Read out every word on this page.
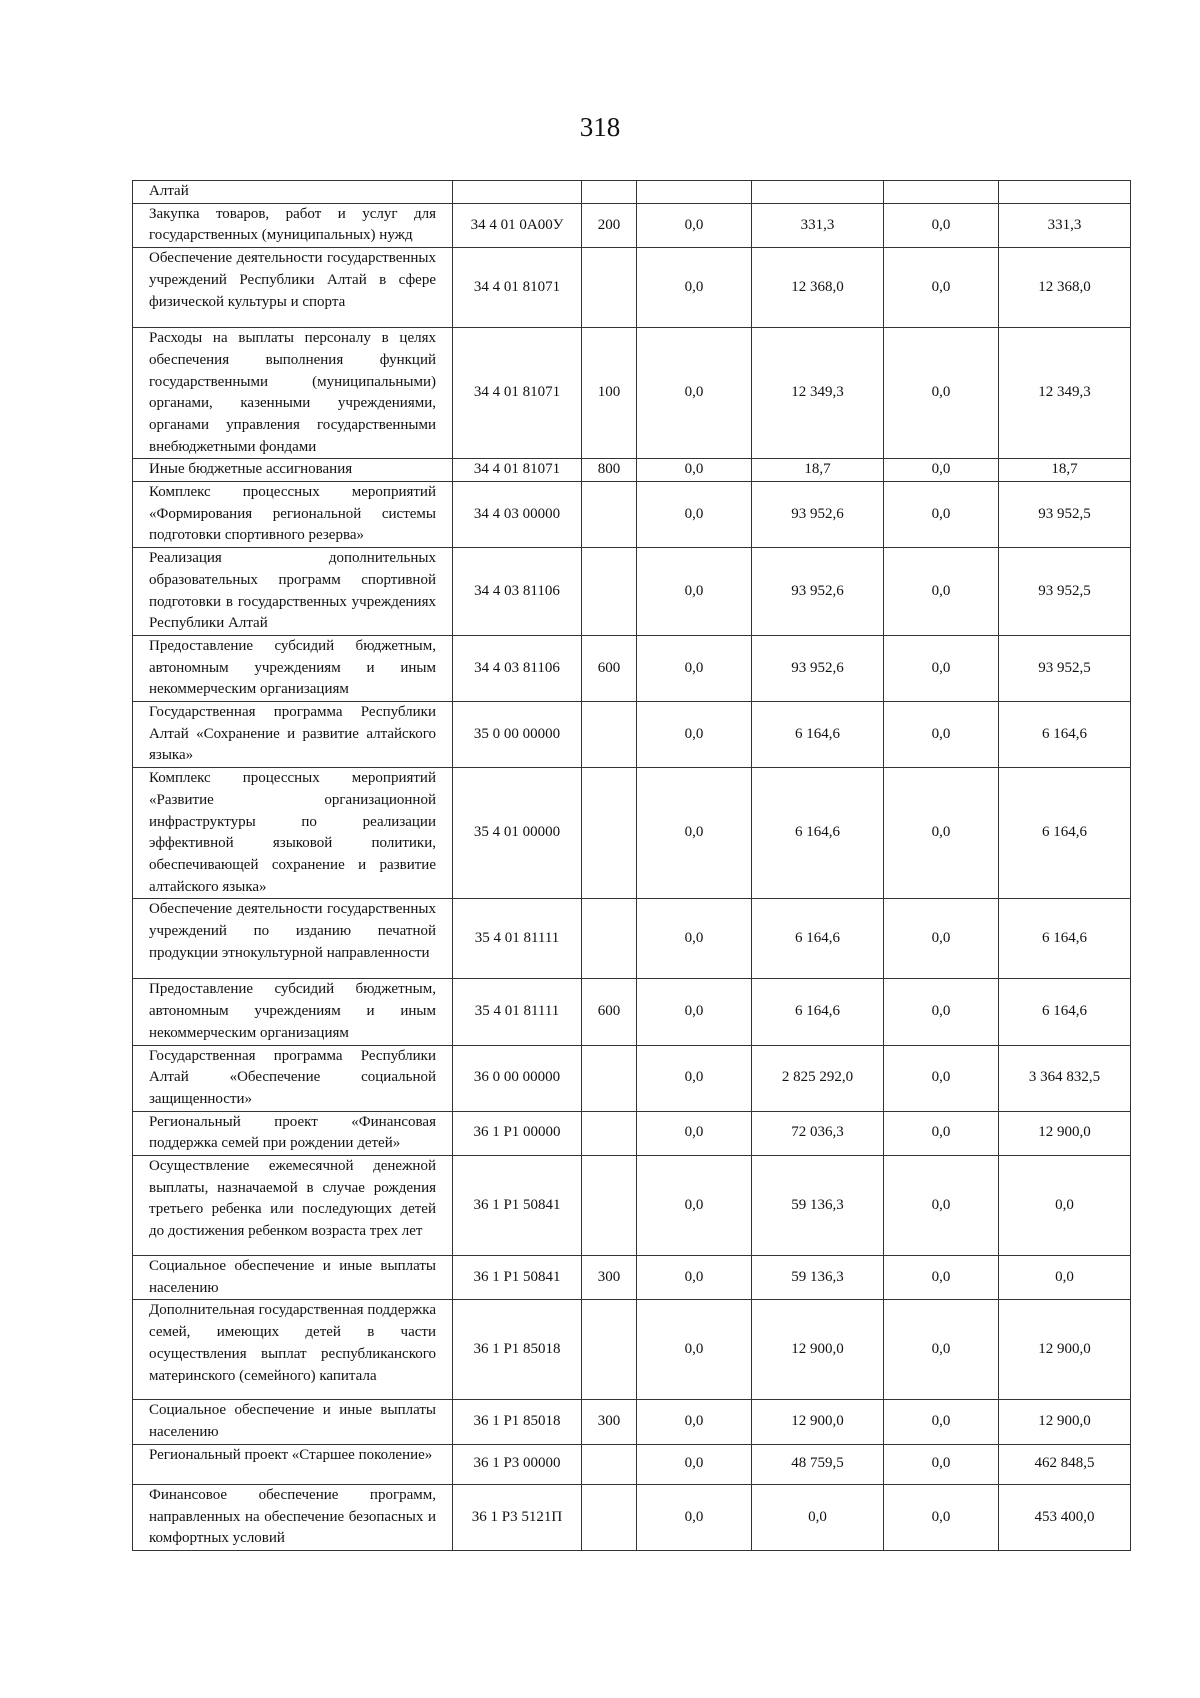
318
Алтай						
Закупка товаров, работ и услуг для государственных (муниципальных) нужд	34 4 01 0А00У	200	0,0	331,3	0,0	331,3
Обеспечение деятельности государственных учреждений Республики Алтай в сфере физической культуры и спорта	34 4 01 81071		0,0	12 368,0	0,0	12 368,0
Расходы на выплаты персоналу в целях обеспечения выполнения функций государственными (муниципальными) органами, казенными учреждениями, органами управления государственными внебюджетными фондами	34 4 01 81071	100	0,0	12 349,3	0,0	12 349,3
Иные бюджетные ассигнования	34 4 01 81071	800	0,0	18,7	0,0	18,7
Комплекс процессных мероприятий «Формирования региональной системы подготовки спортивного резерва»	34 4 03 00000		0,0	93 952,6	0,0	93 952,5
Реализация дополнительных образовательных программ спортивной подготовки в государственных учреждениях Республики Алтай	34 4 03 81106		0,0	93 952,6	0,0	93 952,5
Предоставление субсидий бюджетным, автономным учреждениям и иным некоммерческим организациям	34 4 03 81106	600	0,0	93 952,6	0,0	93 952,5
Государственная программа Республики Алтай «Сохранение и развитие алтайского языка»	35 0 00 00000		0,0	6 164,6	0,0	6 164,6
Комплекс процессных мероприятий «Развитие организационной инфраструктуры по реализации эффективной языковой политики, обеспечивающей сохранение и развитие алтайского языка»	35 4 01 00000		0,0	6 164,6	0,0	6 164,6
Обеспечение деятельности государственных учреждений по изданию печатной продукции этнокультурной направленности	35 4 01 81111		0,0	6 164,6	0,0	6 164,6
Предоставление субсидий бюджетным, автономным учреждениям и иным некоммерческим организациям	35 4 01 81111	600	0,0	6 164,6	0,0	6 164,6
Государственная программа Республики Алтай «Обеспечение социальной защищенности»	36 0 00 00000		0,0	2 825 292,0	0,0	3 364 832,5
Региональный проект «Финансовая поддержка семей при рождении детей»	36 1 P1 00000		0,0	72 036,3	0,0	12 900,0
Осуществление ежемесячной денежной выплаты, назначаемой в случае рождения третьего ребенка или последующих детей до достижения ребенком возраста трех лет	36 1 P1 50841		0,0	59 136,3	0,0	0,0
Социальное обеспечение и иные выплаты населению	36 1 P1 50841	300	0,0	59 136,3	0,0	0,0
Дополнительная государственная поддержка семей, имеющих детей в части осуществления выплат республиканского материнского (семейного) капитала	36 1 P1 85018		0,0	12 900,0	0,0	12 900,0
Социальное обеспечение и иные выплаты населению	36 1 P1 85018	300	0,0	12 900,0	0,0	12 900,0
Региональный проект «Старшее поколение»	36 1 P3 00000		0,0	48 759,5	0,0	462 848,5
Финансовое обеспечение программ, направленных на обеспечение безопасных и комфортных условий	36 1 P3 5121П		0,0	0,0	0,0	453 400,0
